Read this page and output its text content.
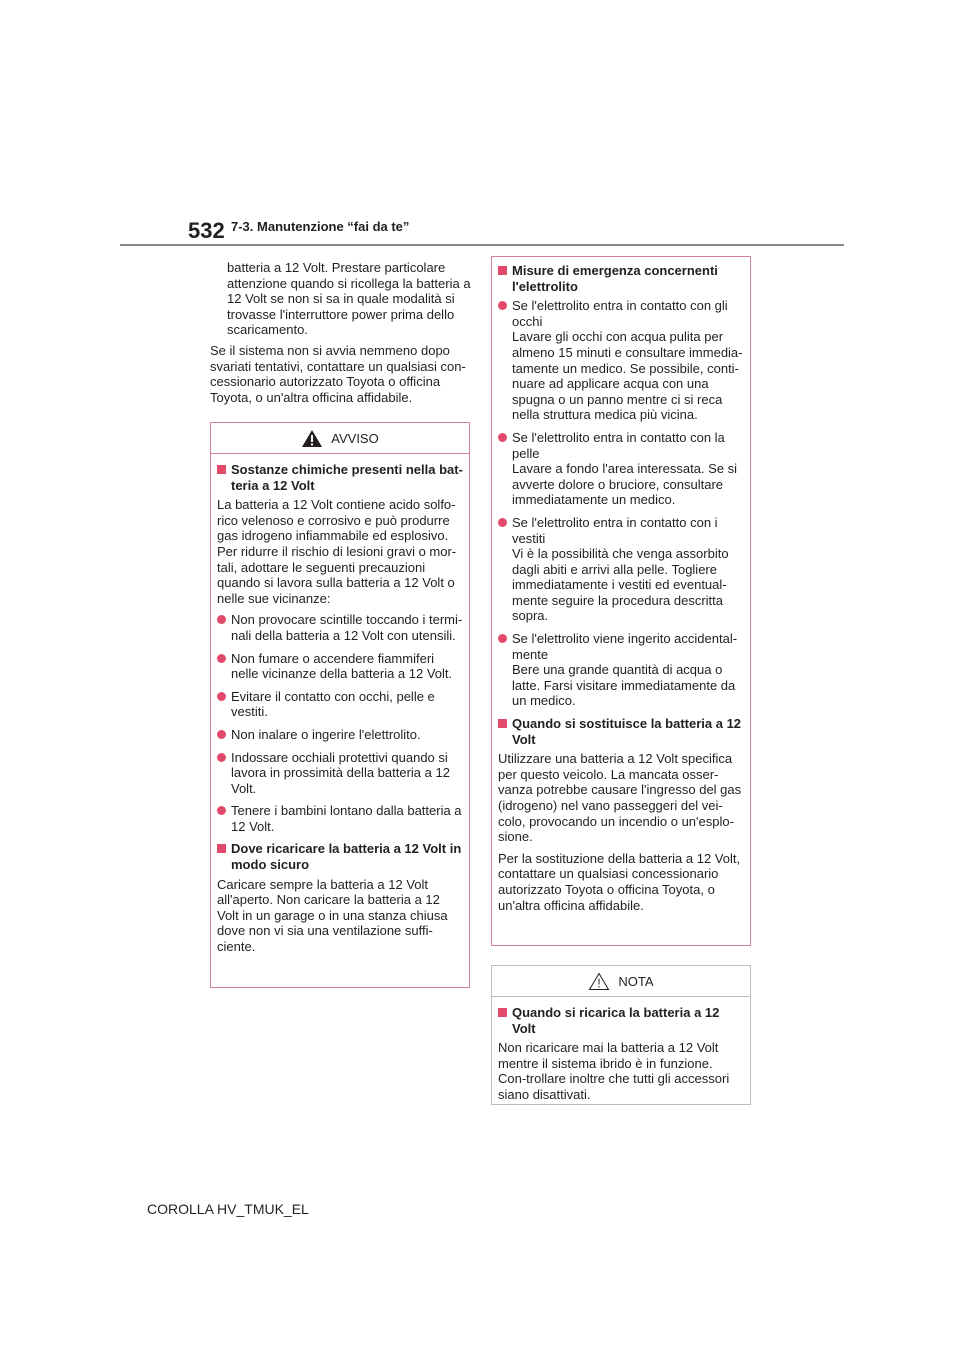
532 7-3. Manutenzione “fai da te”

batteria a 12 Volt. Prestare particolare attenzione quando si ricollega la batteria a 12 Volt se non si sa in quale modalità si trovasse l'interruttore power prima dello scaricamento.

Se il sistema non si avvia nemmeno dopo svariati tentativi, contattare un qualsiasi con-cessionario autorizzato Toyota o officina Toyota, o un'altra officina affidabile.

AVVISO
Sostanze chimiche presenti nella bat-teria a 12 Volt

La batteria a 12 Volt contiene acido solfo-rico velenoso e corrosivo e può produrre gas idrogeno infiammabile ed esplosivo. Per ridurre il rischio di lesioni gravi o mor-tali, adottare le seguenti precauzioni quando si lavora sulla batteria a 12 Volt o nelle sue vicinanze:

Non provocare scintille toccando i termi-nali della batteria a 12 Volt con utensili.
Non fumare o accendere fiammiferi nelle vicinanze della batteria a 12 Volt.
Evitare il contatto con occhi, pelle e vestiti.
Non inalare o ingerire l'elettrolito.
Indossare occhiali protettivi quando si lavora in prossimità della batteria a 12 Volt.
Tenere i bambini lontano dalla batteria a 12 Volt.
Dove ricaricare la batteria a 12 Volt in modo sicuro

Caricare sempre la batteria a 12 Volt all'aperto. Non caricare la batteria a 12 Volt in un garage o in una stanza chiusa dove non vi sia una ventilazione suffi-ciente.

Misure di emergenza concernenti l'elettrolito
Se l'elettrolito entra in contatto con gli occhi
Lavare gli occhi con acqua pulita per almeno 15 minuti e consultare immedia-tamente un medico. Se possibile, conti-nuare ad applicare acqua con una spugna o un panno mentre ci si reca nella struttura medica più vicina.
Se l'elettrolito entra in contatto con la pelle
Lavare a fondo l'area interessata. Se si avverte dolore o bruciore, consultare immediatamente un medico.
Se l'elettrolito entra in contatto con i vestiti
Vi è la possibilità che venga assorbito dagli abiti e arrivi alla pelle. Togliere immediatamente i vestiti ed eventual-mente seguire la procedura descritta sopra.
Se l'elettrolito viene ingerito accidental-mente
Bere una grande quantità di acqua o latte. Farsi visitare immediatamente da un medico.
Quando si sostituisce la batteria a 12 Volt

Utilizzare una batteria a 12 Volt specifica per questo veicolo. La mancata osser-vanza potrebbe causare l'ingresso del gas (idrogeno) nel vano passeggeri del vei-colo, provocando un incendio o un'esplo-sione.

Per la sostituzione della batteria a 12 Volt, contattare un qualsiasi concessionario autorizzato Toyota o officina Toyota, o un'altra officina affidabile.

NOTA
Quando si ricarica la batteria a 12 Volt

Non ricaricare mai la batteria a 12 Volt mentre il sistema ibrido è in funzione. Con-trollare inoltre che tutti gli accessori siano disattivati.

COROLLA HV_TMUK_EL
